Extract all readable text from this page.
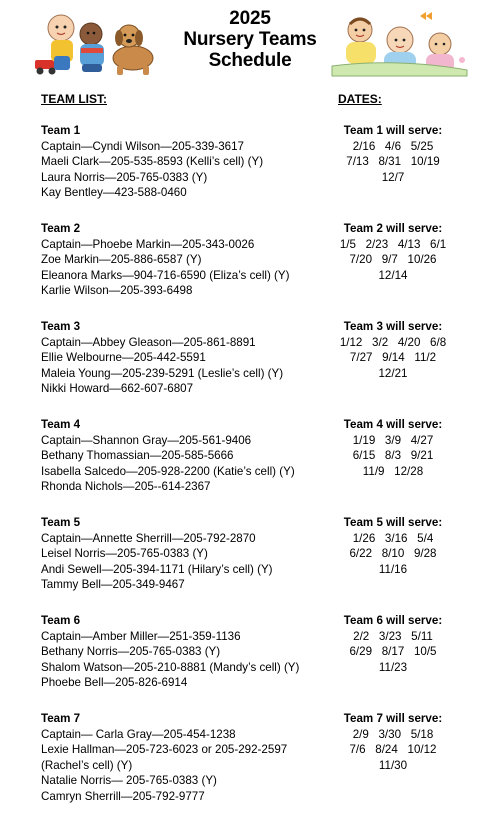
2025
Nursery Teams
Schedule
TEAM LIST:	DATES:
Team 1
Captain—Cyndi Wilson—205-339-3617
Maeli Clark—205-535-8593 (Kelli’s cell) (Y)
Laura Norris—205-765-0383 (Y)
Kay Bentley—423-588-0460
Team 1 will serve:
2/16   4/6   5/25
7/13   8/31   10/19
12/7
Team 2
Captain—Phoebe Markin—205-343-0026
Zoe Markin—205-886-6587 (Y)
Eleanora Marks—904-716-6590 (Eliza’s cell) (Y)
Karlie Wilson—205-393-6498
Team 2 will serve:
1/5   2/23   4/13   6/1
7/20   9/7   10/26
12/14
Team 3
Captain—Abbey Gleason—205-861-8891
Ellie Welbourne—205-442-5591
Maleia Young—205-239-5291 (Leslie’s cell) (Y)
Nikki Howard—662-607-6807
Team 3 will serve:
1/12   3/2   4/20   6/8
7/27   9/14   11/2
12/21
Team 4
Captain—Shannon Gray—205-561-9406
Bethany Thomassian—205-585-5666
Isabella Salcedo—205-928-2200 (Katie’s cell) (Y)
Rhonda Nichols—205--614-2367
Team 4 will serve:
1/19   3/9   4/27
6/15   8/3   9/21
11/9   12/28
Team 5
Captain—Annette Sherrill—205-792-2870
Leisel Norris—205-765-0383 (Y)
Andi Sewell—205-394-1171 (Hilary’s cell) (Y)
Tammy Bell—205-349-9467
Team 5 will serve:
1/26   3/16   5/4
6/22   8/10   9/28
11/16
Team 6
Captain—Amber Miller—251-359-1136
Bethany Norris—205-765-0383 (Y)
Shalom Watson—205-210-8881 (Mandy’s cell) (Y)
Phoebe Bell—205-826-6914
Team 6 will serve:
2/2   3/23   5/11
6/29   8/17   10/5
11/23
Team 7
Captain— Carla Gray—205-454-1238
Lexie Hallman—205-723-6023 or 205-292-2597 (Rachel’s cell) (Y)
Natalie Norris— 205-765-0383 (Y)
Camryn Sherrill—205-792-9777
Team 7 will serve:
2/9   3/30   5/18
7/6   8/24   10/12
11/30
